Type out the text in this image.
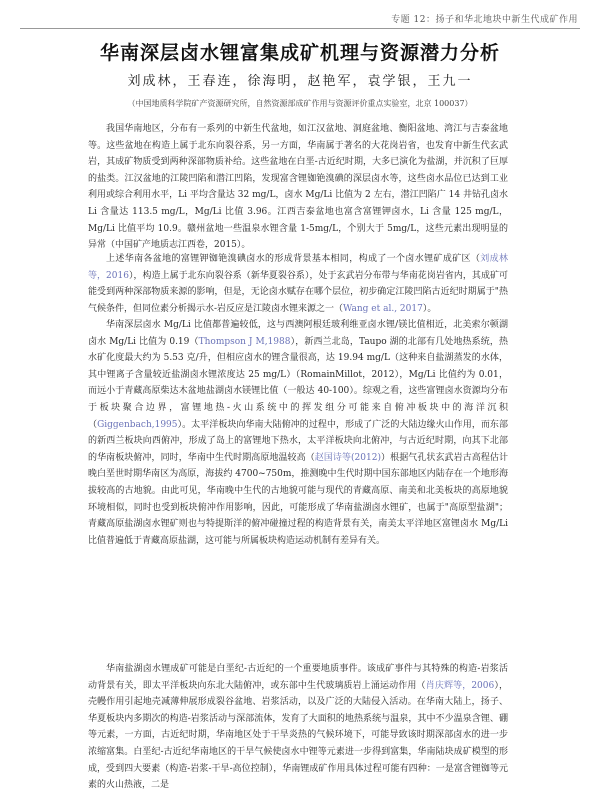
专题 12：扬子和华北地块中新生代成矿作用
华南深层卤水锂富集成矿机理与资源潜力分析
刘成林，王春连，徐海明，赵艳军，袁学银，王九一
（中国地质科学院矿产资源研究所，自然资源部成矿作用与资源评价重点实验室，北京 100037）

我国华南地区，分布有一系列的中新生代盆地，如江汉盆地、洞庭盆地、衡阳盆地、湾江与吉泰盆地等。这些盆地在构造上属于北东向裂谷系，另一方面，华南属于著名的大花岗岩省，也发育中新生代玄武岩，其成矿物质受到两种深部物质补给。这些盆地在白垩-古近纪时期，大多已演化为盐湖，并沉积了巨厚的盐类。江汉盆地的江陵凹陷和潜江凹陷，发现富含锂铷铯溴碘的深层卤水等，这些卤水品位已达到工业利用或综合利用水平，Li 平均含量达 32 mg/L，卤水 Mg/Li 比值为 2 左右，潜江凹陷广 14 井钻孔卤水 Li 含量达 113.5 mg/L，Mg/Li 比值 3.96。江西吉泰盆地也富含富锂钾卤水，Li 含量 125 mg/L，Mg/Li 比值平均 10.9。赣州盆地一些温泉水锂含量 1-5mg/L，个别大于 5mg/L，这些元素出现明显的异常（中国矿产地质志江西卷，2015）。

上述华南各盆地的富锂钾铷铯溴碘卤水的形成背景基本相同，构成了一个卤水锂矿成矿区（刘成林等，2016），构造上属于北东向裂谷系（新华夏裂谷系），处于玄武岩分布带与华南花岗岩省内，其成矿可能受到两种深部物质来源的影响，但是，无论卤水赋存在哪个层位，初步确定江陵凹陷古近纪时期属于"热气候条件，但同位素分析揭示水-岩反应是江陵卤水锂来源之一（Wang et al., 2017）。

华南深层卤水 Mg/Li 比值都普遍较低，这与西澳阿根廷玻利维亚卤水锂/镁比值相近，北美索尔顿湖卤水 Mg/Li 比值为 0.19（Thompson J M,1988），新西兰北岛，Taupo 湖的北部有几处地热系统，热水矿化度最大约为 5.53 克/升，但相应卤水的锂含量很高，达 19.94 mg/L（这种来自盐湖蒸发的水体，其中锂离子含量较近盐湖卤水锂浓度达 25 mg/L）（RomainMillot，2012），Mg/Li 比值约为 0.01，而远小于青藏高原柴达木盆地盐湖卤水镁锂比值（一般达 40-100）。综观之看，这些富锂卤水资源均分布于板块聚合边界，富锂地热-火山系统中的挥发组分可能来自俯冲板块中的海洋沉积（Giggenbach,1995）。太平洋板块向华南大陆俯冲的过程中，形成了广泛的大陆边缘火山作用，而东部的新西兰板块向西俯冲，形成了岛上的富锂地下热水，太平洋板块向北俯冲，与古近纪时期，向其下北部的华南板块俯冲，同时，华南中生代时期高原地温较高（赵国诗等(2012)）根据气孔状玄武岩古高程估计晚白垩世时期华南区为高原，海拔约 4700~750m，推测晚中生代时期中国东部地区内陆存在一个地形海拔较高的古地貌。由此可见，华南晚中生代的古地貌可能与现代的青藏高原、南美和北美板块的高原地貌环境相似，同时也受到板块俯冲作用影响，因此，可能形成了华南盐湖卤水锂矿，也属于"高原型盐湖"；青藏高原盐湖卤水锂矿则也与特提斯洋的俯冲碰撞过程的构造背景有关，南美太平洋地区富锂卤水 Mg/Li 比值普遍低于青藏高原盐湖，这可能与所属板块构造运动机制有差异有关。

华南盐湖卤水锂成矿可能是白垩纪-古近纪的一个重要地质事件。该成矿事件与其特殊的构造-岩浆活动背景有关，即太平洋板块向东北大陆俯冲，或东部中生代玻璃质岩上涌运动作用（肖庆辉等，2006），壳幔作用引起地壳减薄伸展形成裂谷盆地、岩浆活动，以及广泛的大陆侵入活动。在华南大陆上，扬子、华夏板块内多期次的构造-岩浆活动与深部流体，发育了大面积的地热系统与温泉，其中不少温泉含锂、硼等元素，一方面，古近纪时期，华南地区处于干旱炎热的气候环境下，可能导致该时期深部卤水的进一步浓缩富集。白垩纪-古近纪华南地区的干旱气候使卤水中锂等元素进一步得到富集，华南陆块成矿模型的形成，受到四大要素（构造-岩浆-干旱-高位控制），华南锂成矿作用具体过程可能有四种：一是富含锂铷等元素的火山热液，二是
